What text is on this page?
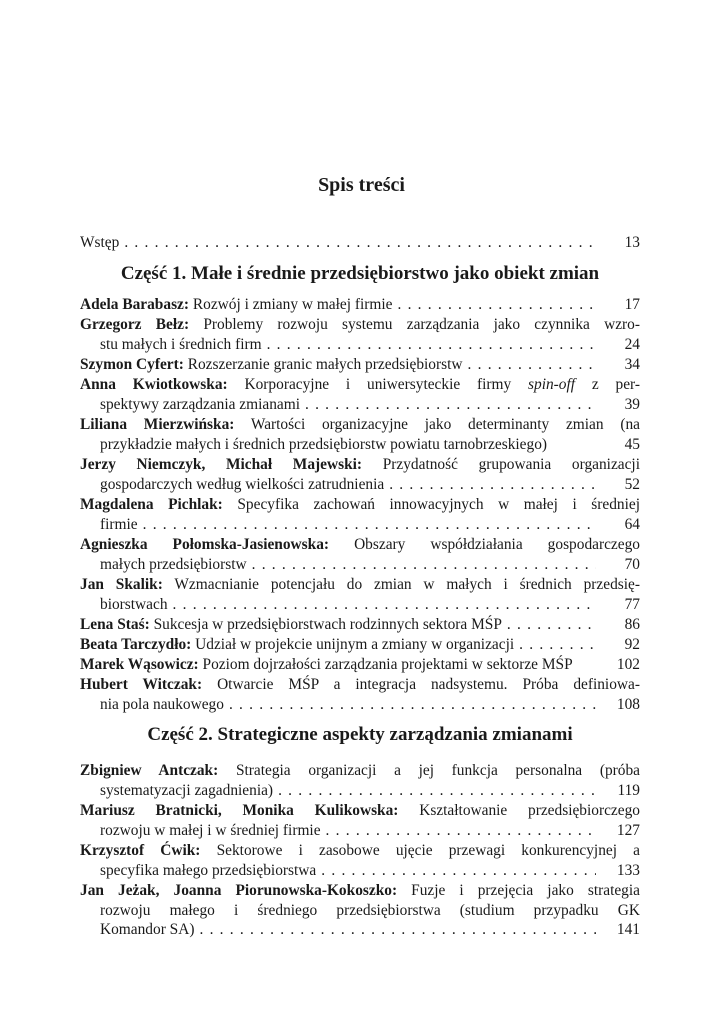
Spis treści
Wstęp . . .	13
Część 1. Małe i średnie przedsiębiorstwo jako obiekt zmian
Adela Barabasz: Rozwój i zmiany w małej firmie . . .	17
Grzegorz Bełz: Problemy rozwoju systemu zarządzania jako czynnika wzro-
stu małych i średnich firm . . .	24
Szymon Cyfert: Rozszerzanie granic małych przedsiębiorstw . . .	34
Anna Kwiotkowska: Korporacyjne i uniwersyteckie firmy spin-off z per-
spektywy zarządzania zmianami . . .	39
Liliana Mierzwińska: Wartości organizacyjne jako determinanty zmian (na
przykładzie małych i średnich przedsiębiorstw powiatu tarnobrzeskiego)	45
Jerzy Niemczyk, Michał Majewski: Przydatność grupowania organizacji
gospodarczych według wielkości zatrudnienia . . .	52
Magdalena Pichlak: Specyfika zachowań innowacyjnych w małej i średniej
firmie . . .	64
Agnieszka Połomska-Jasienowska: Obszary współdziałania gospodarczego
małych przedsiębiorstw . . .	70
Jan Skalik: Wzmacnianie potencjału do zmian w małych i średnich przedsię-
biorstwach . . .	77
Lena Staś: Sukcesja w przedsiębiorstwach rodzinnych sektora MŚP . . .	86
Beata Tarczydło: Udział w projekcie unijnym a zmiany w organizacji . . .	92
Marek Wąsowicz: Poziom dojrzałości zarządzania projektami w sektorze MŚP	102
Hubert Witczak: Otwarcie MŚP a integracja nadsystemu. Próba definiowa-
nia pola naukowego . . .	108
Część 2. Strategiczne aspekty zarządzania zmianami
Zbigniew Antczak: Strategia organizacji a jej funkcja personalna (próba
systematyzacji zagadnienia) . . .	119
Mariusz Bratnicki, Monika Kulikowska: Kształtowanie przedsiębiorczego
rozwoju w małej i w średniej firmie . . .	127
Krzysztof Ćwik: Sektorowe i zasobowe ujęcie przewagi konkurencyjnej a
specyfika małego przedsiębiorstwa . . .	133
Jan Jeżak, Joanna Piorunowska-Kokoszko: Fuzje i przejęcia jako strategia
rozwoju małego i średniego przedsiębiorstwa (studium przypadku GK
Komandor SA) . . .	141
